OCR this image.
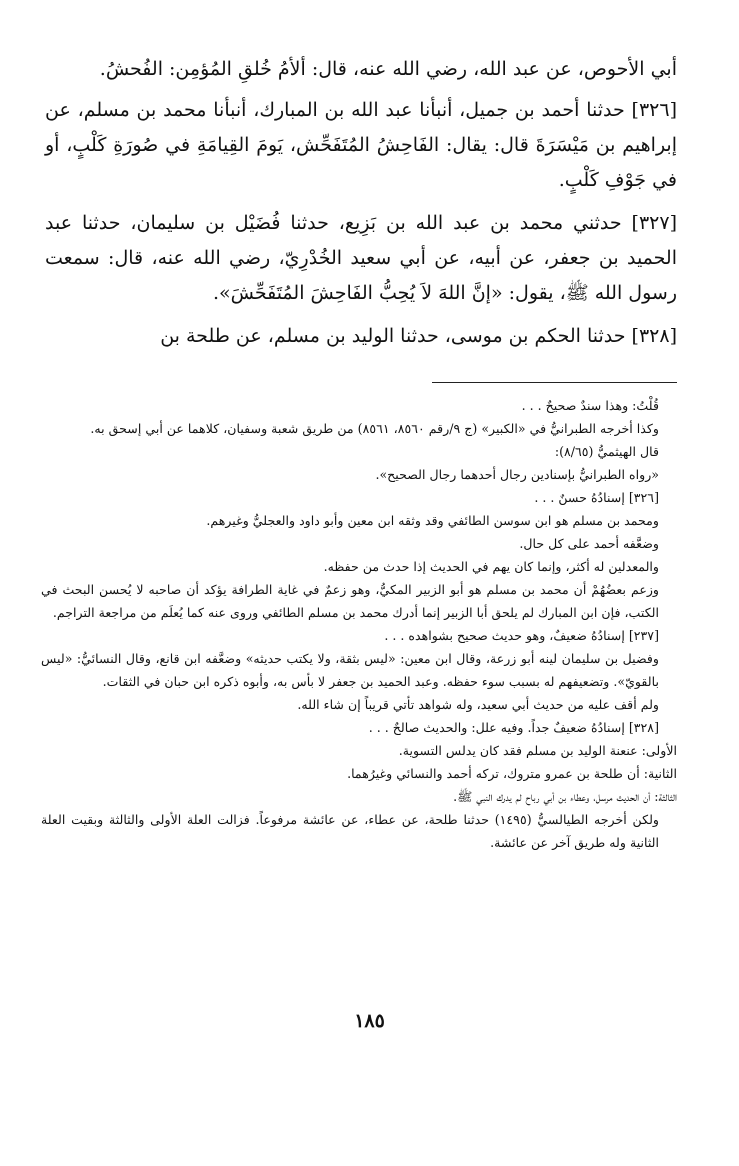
أبي الأحوص، عن عبد الله، رضي الله عنه، قال: ألأمُ خُلقِ المُؤمِن: الفُحشُ.

[٣٢٦] حدثنا أحمد بن جميل، أنبأنا عبد الله بن المبارك، أنبأنا محمد بن مسلم، عن إبراهيم بن مَيْسَرَةَ قال: يقال: الفَاحِشُ المُتَفَحِّش، يَومَ القِيامَةِ في صُورَةِ كَلْبٍ، أو في جَوْفِ كَلْبٍ.

[٣٢٧] حدثني محمد بن عبد الله بن بَزِيع، حدثنا فُضَيْل بن سليمان، حدثنا عبد الحميد بن جعفر، عن أبيه، عن أبي سعيد الخُدْرِيّ، رضي الله عنه، قال: سمعت رسول الله ﷺ، يقول: «إنَّ اللهَ لاَ يُحِبُّ الفَاحِشَ المُتَفَحِّشَ».

[٣٢٨] حدثنا الحكم بن موسى، حدثنا الوليد بن مسلم، عن طلحة بن

قُلْتُ: وهذا سندٌ صحيحٌ . . .

وكذا أخرجه الطبرانيُّ في «الكبير» (ج ٩/رقم ٨٥٦٠، ٨٥٦١) من طريق شعبة وسفيان، كلاهما عن أبي إسحق به.

قال الهيثميُّ (٨/٦٥):

«رواه الطبرانيُّ بإسنادين رجال أحدهما رجال الصحيح».

[٣٢٦] إسنادُهُ حسنٌ . . .

ومحمد بن مسلم هو ابن سوسن الطائفي وقد وثقه ابن معين وأبو داود والعجليُّ وغيرهم.

وضعَّفه أحمد على كل حال.

والمعدلين له أكثر، وإنما كان يهم في الحديث إذا حدث من حفظه.

وزعم بعضُهُمْ أن محمد بن مسلم هو أبو الزبير المكيُّ، وهو زعمٌ في غاية الطرافة يؤكد أن صاحبه لا يُحسن البحث في الكتب، فإن ابن المبارك لم يلحق أبا الزبير إنما أدرك محمد بن مسلم الطائفي وروى عنه كما يُعلَم من مراجعة التراجم.

[٢٣٧] إسنادُهُ ضعيفٌ، وهو حديث صحيح بشواهده . . .

وفضيل بن سليمان لينه أبو زرعة، وقال ابن معين: «ليس بثقة، ولا يكتب حديثه» وضعَّفه ابن قانع، وقال النسائيُّ: «ليس بالقويّ». وتضعيفهم له بسبب سوء حفظه. وعبد الحميد بن جعفر لا بأس به، وأبوه ذكره ابن حبان في الثقات.

ولم أقف عليه من حديث أبي سعيد، وله شواهد تأتي قريباً إن شاء الله.

[٣٢٨] إسنادُهُ ضعيفٌ جداً. وفيه علل: والحديث صالحٌ . . .

الأولى: عنعنة الوليد بن مسلم فقد كان يدلس التسوية.

الثانية: أن طلحة بن عمرو متروك، تركه أحمد والنسائي وغيرُهما.

الثالثة: أن الحديث مرسل، وعطاء بن أبي رباح لم يدرك النبي ﷺ.

ولكن أخرجه الطيالسيُّ (١٤٩٥) حدثنا طلحة، عن عطاء، عن عائشة مرفوعاً. فزالت العلة الأولى والثالثة وبقيت العلة الثانية وله طريق آخر عن عائشة.

١٨٥
